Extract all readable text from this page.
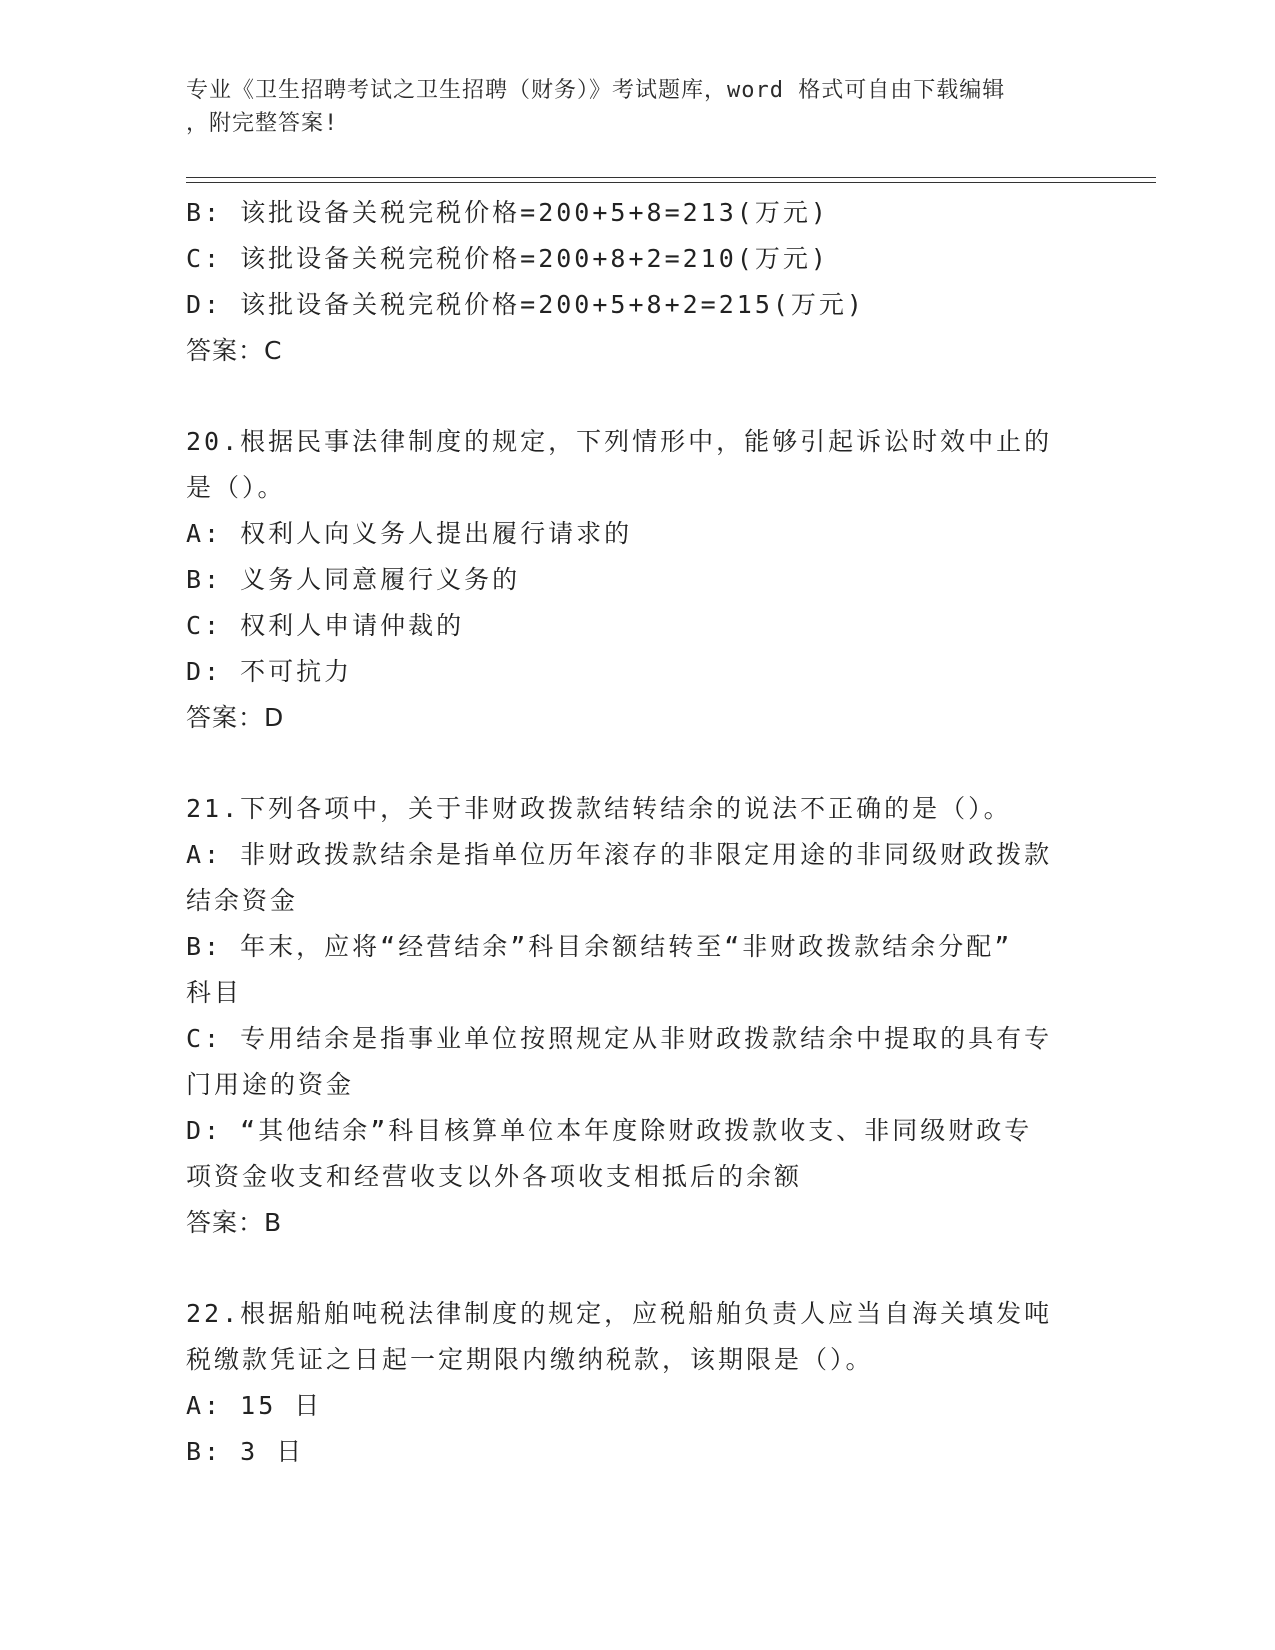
专业《卫生招聘考试之卫生招聘（财务）》考试题库，word 格式可自由下载编辑
，附完整答案!
B: 该批设备关税完税价格=200+5+8=213(万元)
C: 该批设备关税完税价格=200+8+2=210(万元)
D: 该批设备关税完税价格=200+5+8+2=215(万元)
答案：C
20.根据民事法律制度的规定，下列情形中，能够引起诉讼时效中止的
是（）。
A: 权利人向义务人提出履行请求的
B: 义务人同意履行义务的
C: 权利人申请仲裁的
D: 不可抗力
答案：D
21.下列各项中，关于非财政拨款结转结余的说法不正确的是（）。
A: 非财政拨款结余是指单位历年滚存的非限定用途的非同级财政拨款
结余资金
B: 年末，应将“经营结余”科目余额结转至“非财政拨款结余分配”
科目
C: 专用结余是指事业单位按照规定从非财政拨款结余中提取的具有专
门用途的资金
D: “其他结余”科目核算单位本年度除财政拨款收支、非同级财政专
项资金收支和经营收支以外各项收支相抵后的余额
答案：B
22.根据船舶吨税法律制度的规定，应税船舶负责人应当自海关填发吨
税缴款凭证之日起一定期限内缴纳税款，该期限是（）。
A: 15 日
B: 3 日
